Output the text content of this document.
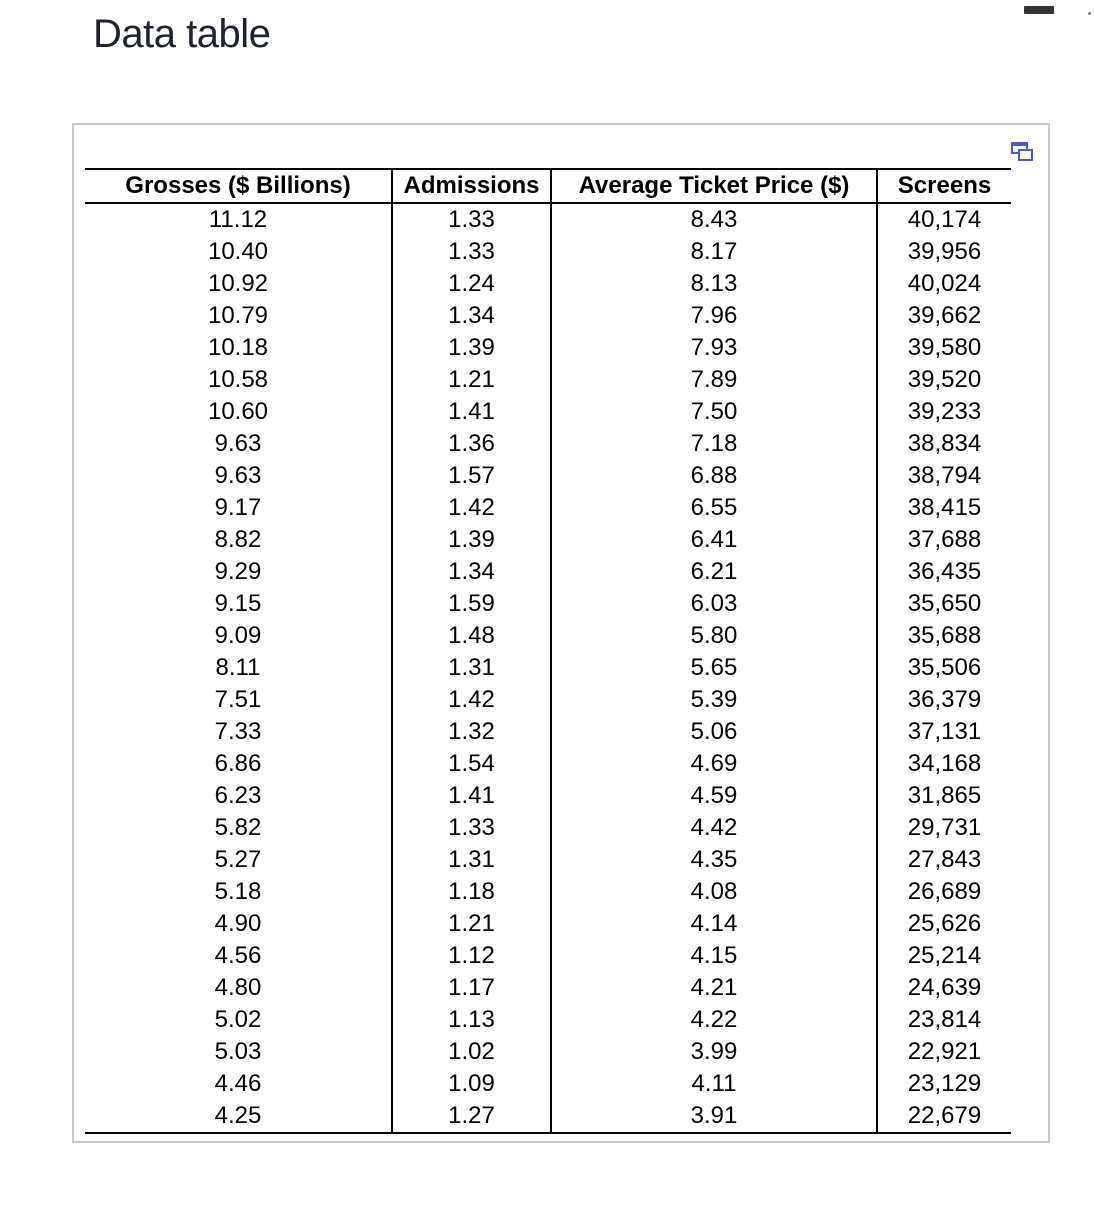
Data table
Grosses ($ Billions)	Admissions	Average Ticket Price ($)	Screens
11.12	1.33	8.43	40,174
10.40	1.33	8.17	39,956
10.92	1.24	8.13	40,024
10.79	1.34	7.96	39,662
10.18	1.39	7.93	39,580
10.58	1.21	7.89	39,520
10.60	1.41	7.50	39,233
9.63	1.36	7.18	38,834
9.63	1.57	6.88	38,794
9.17	1.42	6.55	38,415
8.82	1.39	6.41	37,688
9.29	1.34	6.21	36,435
9.15	1.59	6.03	35,650
9.09	1.48	5.80	35,688
8.11	1.31	5.65	35,506
7.51	1.42	5.39	36,379
7.33	1.32	5.06	37,131
6.86	1.54	4.69	34,168
6.23	1.41	4.59	31,865
5.82	1.33	4.42	29,731
5.27	1.31	4.35	27,843
5.18	1.18	4.08	26,689
4.90	1.21	4.14	25,626
4.56	1.12	4.15	25,214
4.80	1.17	4.21	24,639
5.02	1.13	4.22	23,814
5.03	1.02	3.99	22,921
4.46	1.09	4.11	23,129
4.25	1.27	3.91	22,679
